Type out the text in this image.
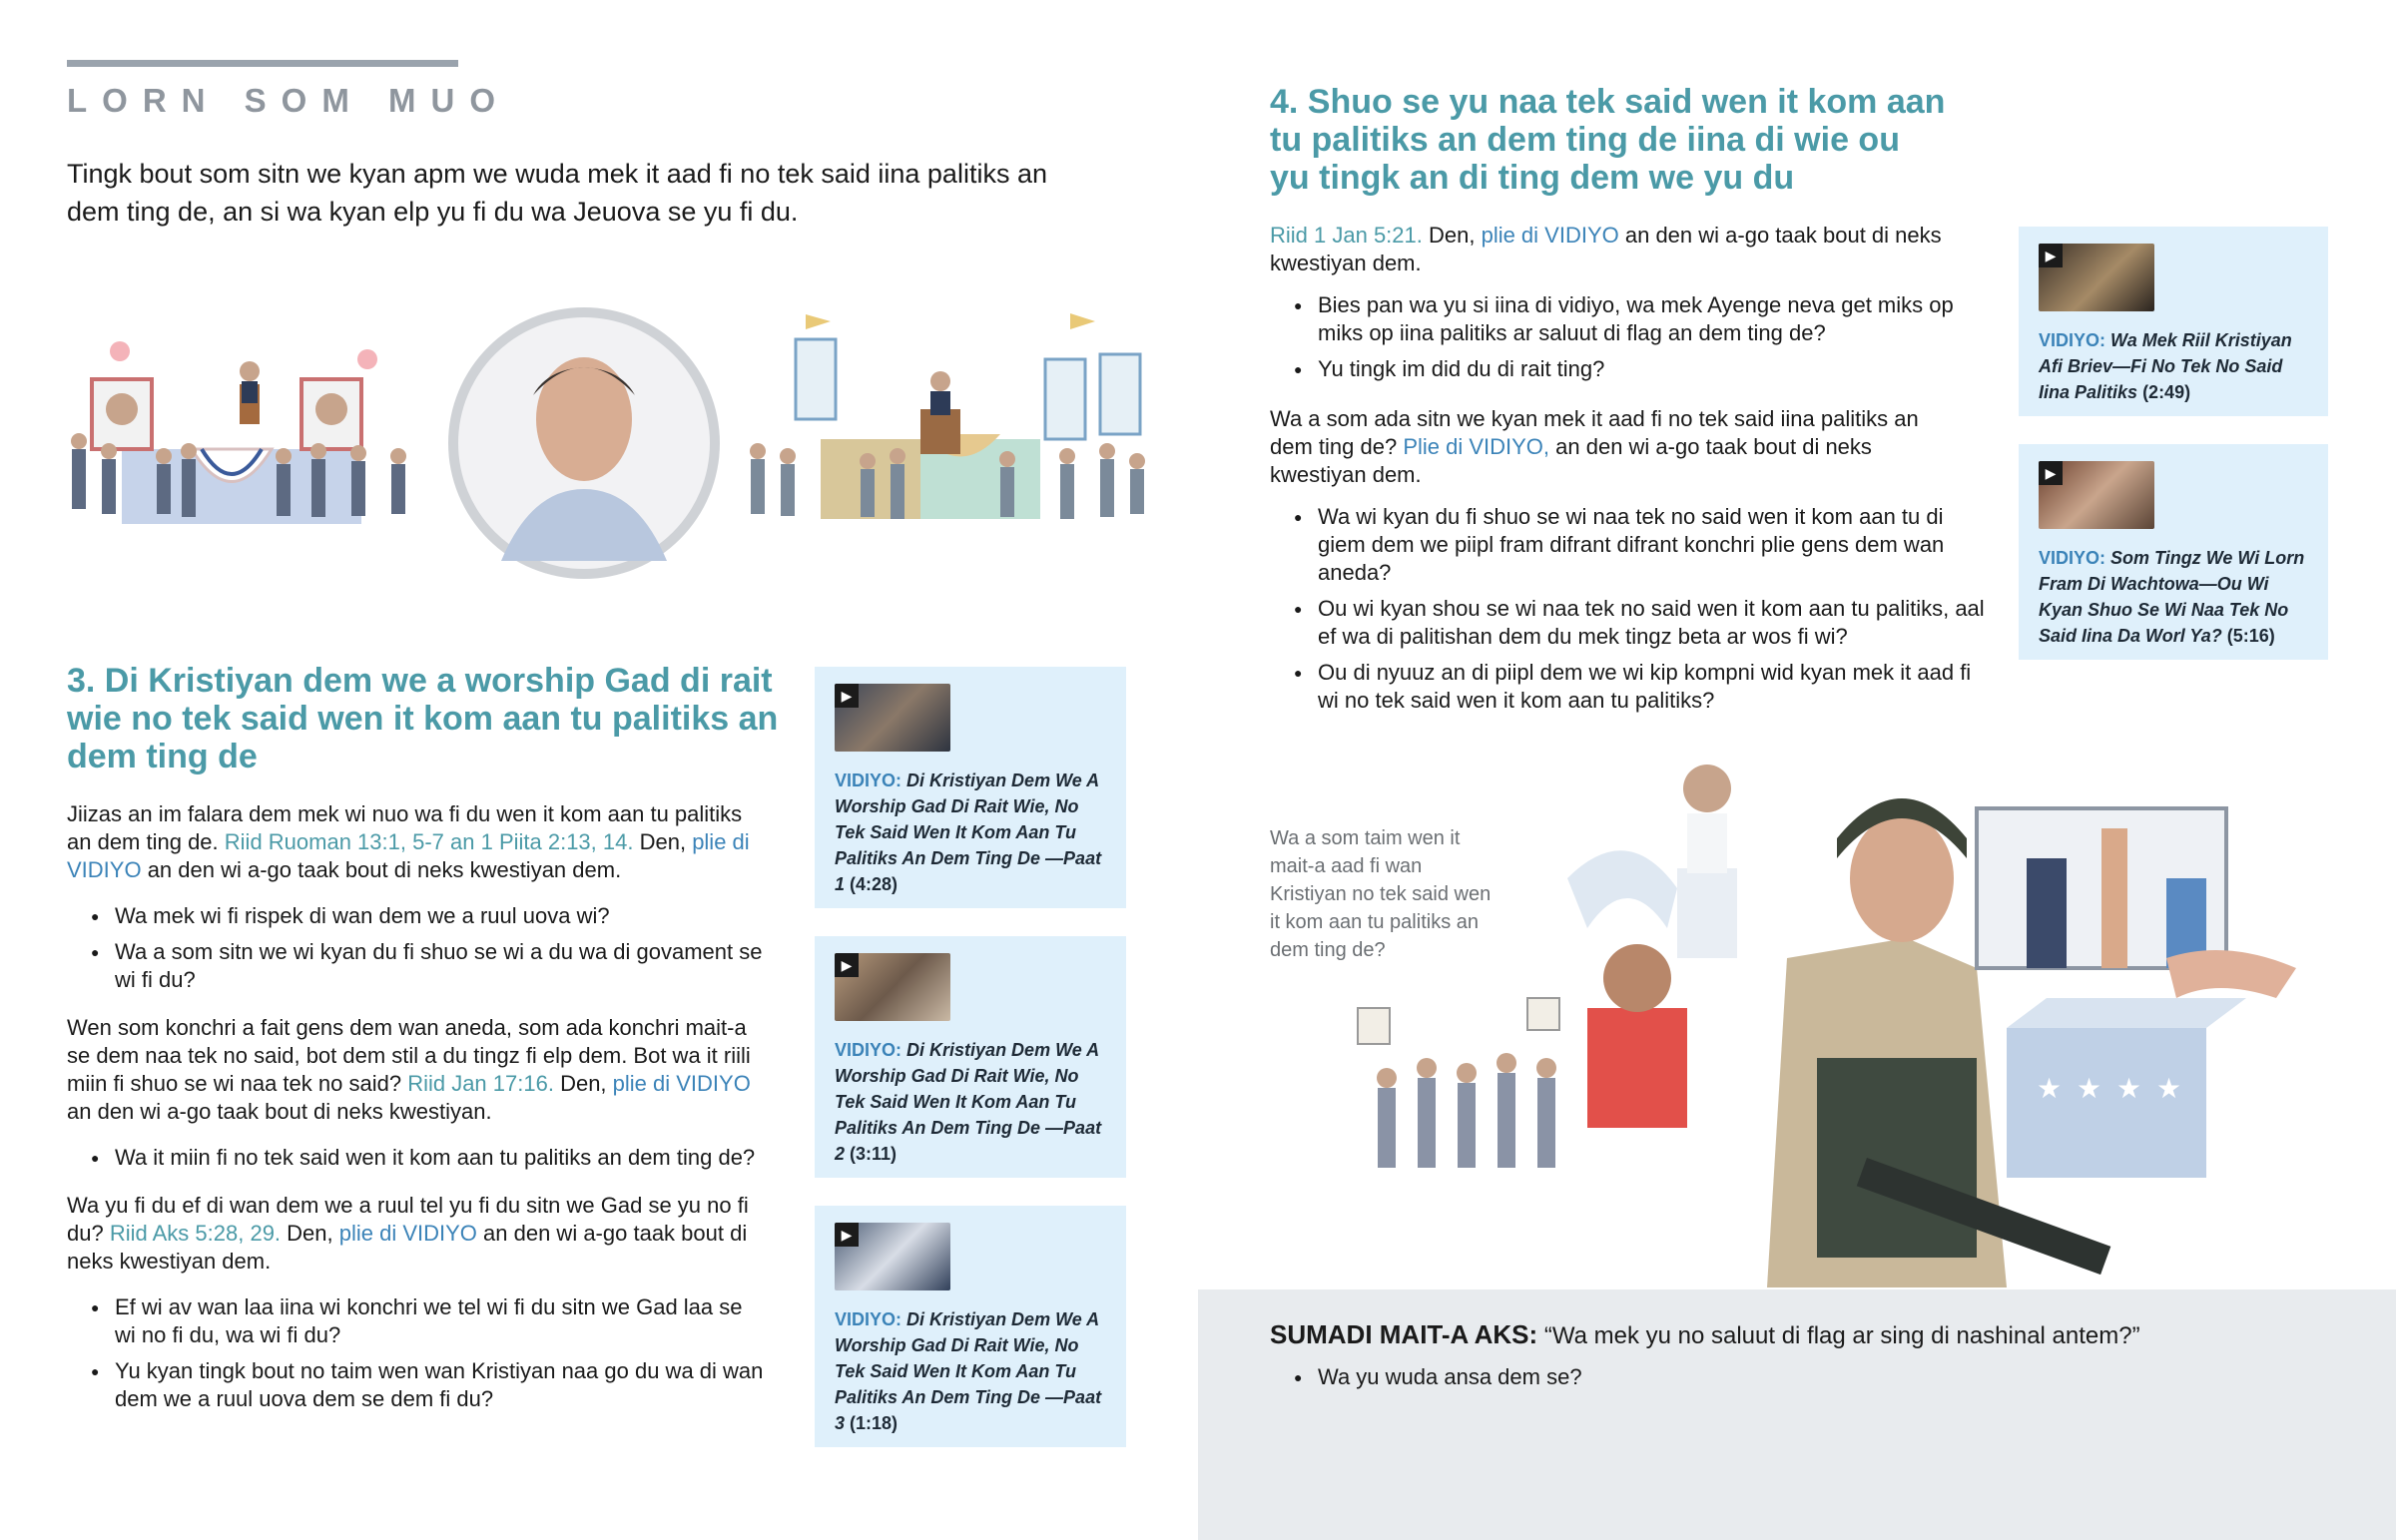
LORN SOM MUO
Tingk bout som sitn we kyan apm we wuda mek it aad fi no tek said iina palitiks an dem ting de, an si wa kyan elp yu fi du wa Jeuova se yu fi du.
3. Di Kristiyan dem we a worship Gad di rait wie no tek said wen it kom aan tu palitiks an dem ting de

Jiizas an im falara dem mek wi nuo wa fi du wen it kom aan tu palitiks an dem ting de. Riid Ruoman 13:1, 5-7 an 1 Piita 2:13, 14. Den, plie di VIDIYO an den wi a-go taak bout di neks kwestiyan dem.

● Wa mek wi fi rispek di wan dem we a ruul uova wi?
● Wa a som sitn we wi kyan du fi shuo se wi a du wa di govament se wi fi du?

Wen som konchri a fait gens dem wan aneda, som ada konchri mait-a se dem naa tek no said, bot dem stil a du tingz fi elp dem. Bot wa it riili miin fi shuo se wi naa tek no said? Riid Jan 17:16. Den, plie di VIDIYO an den wi a-go taak bout di neks kwestiyan.

● Wa it miin fi no tek said wen it kom aan tu palitiks an dem ting de?

Wa yu fi du ef di wan dem we a ruul tel yu fi du sitn we Gad se yu no fi du? Riid Aks 5:28, 29. Den, plie di VIDIYO an den wi a-go taak bout di neks kwestiyan dem.

● Ef wi av wan laa iina wi konchri we tel wi fi du sitn we Gad laa se wi no fi du, wa wi fi du?
● Yu kyan tingk bout no taim wen wan Kristiyan naa go du wa di wan dem we a ruul uova dem se dem fi du?
▶
VIDIYO: Di Kristiyan Dem We A Worship Gad Di Rait Wie, No Tek Said Wen It Kom Aan Tu Palitiks An Dem Ting De —Paat 1 (4:28)
▶
VIDIYO: Di Kristiyan Dem We A Worship Gad Di Rait Wie, No Tek Said Wen It Kom Aan Tu Palitiks An Dem Ting De —Paat 2 (3:11)
▶
VIDIYO: Di Kristiyan Dem We A Worship Gad Di Rait Wie, No Tek Said Wen It Kom Aan Tu Palitiks An Dem Ting De —Paat 3 (1:18)
4. Shuo se yu naa tek said wen it kom aan tu palitiks an dem ting de iina di wie ou yu tingk an di ting dem we yu du

Riid 1 Jan 5:21. Den, plie di VIDIYO an den wi a-go taak bout di neks kwestiyan dem.

● Bies pan wa yu si iina di vidiyo, wa mek Ayenge neva get miks op miks op iina palitiks ar saluut di flag an dem ting de?
● Yu tingk im did du di rait ting?

Wa a som ada sitn we kyan mek it aad fi no tek said iina palitiks an dem ting de? Plie di VIDIYO, an den wi a-go taak bout di neks kwestiyan dem.

● Wa wi kyan du fi shuo se wi naa tek no said wen it kom aan tu di giem dem we piipl fram difrant difrant konchri plie gens dem wan aneda?
● Ou wi kyan shou se wi naa tek no said wen it kom aan tu palitiks, aal ef wa di palitishan dem du mek tingz beta ar wos fi wi?
● Ou di nyuuz an di piipl dem we wi kip kompni wid kyan mek it aad fi wi no tek said wen it kom aan tu palitiks?
▶
VIDIYO: Wa Mek Riil Kristiyan Afi Briev—Fi No Tek No Said Iina Palitiks (2:49)
▶
VIDIYO: Som Tingz We Wi Lorn Fram Di Wachtowa—Ou Wi Kyan Shuo Se Wi Naa Tek No Said Iina Da Worl Ya? (5:16)
Wa a som taim wen it mait-a aad fi wan Kristiyan no tek said wen it kom aan tu palitiks an dem ting de?
★ ★ ★ ★
SUMADI MAIT-A AKS: “Wa mek yu no saluut di flag ar sing di nashinal antem?”
● Wa yu wuda ansa dem se?
